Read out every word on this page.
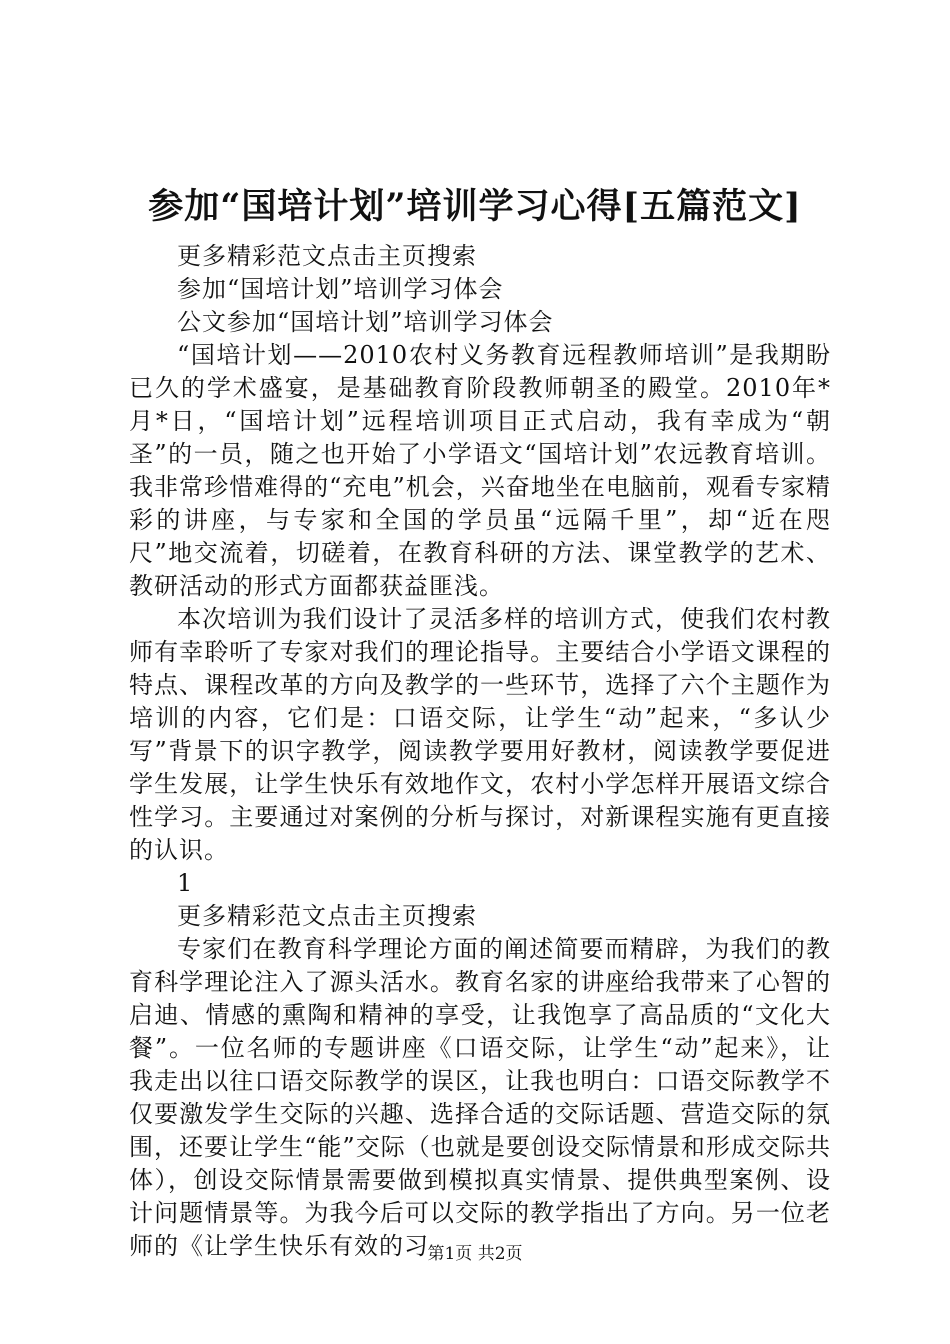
参加“国培计划”培训学习心得[五篇范文]

更多精彩范文点击主页搜索

参加“国培计划”培训学习体会

公文参加“国培计划”培训学习体会

“国培计划——2010农村义务教育远程教师培训”是我期盼已久的学术盛宴，是基础教育阶段教师朝圣的殿堂。2010年*月*日，“国培计划”远程培训项目正式启动，我有幸成为“朝圣”的一员，随之也开始了小学语文“国培计划”农远教育培训。我非常珍惜难得的“充电”机会，兴奋地坐在电脑前，观看专家精彩的讲座，与专家和全国的学员虽“远隔千里”，却“近在咫尺”地交流着，切磋着，在教育科研的方法、课堂教学的艺术、教研活动的形式方面都获益匪浅。

本次培训为我们设计了灵活多样的培训方式，使我们农村教师有幸聆听了专家对我们的理论指导。主要结合小学语文课程的特点、课程改革的方向及教学的一些环节，选择了六个主题作为培训的内容，它们是：口语交际，让学生“动”起来，“多认少写”背景下的识字教学，阅读教学要用好教材，阅读教学要促进学生发展，让学生快乐有效地作文，农村小学怎样开展语文综合性学习。主要通过对案例的分析与探讨，对新课程实施有更直接的认识。

1

更多精彩范文点击主页搜索

专家们在教育科学理论方面的阐述简要而精辟，为我们的教育科学理论注入了源头活水。教育名家的讲座给我带来了心智的启迪、情感的熏陶和精神的享受，让我饱享了高品质的“文化大餐”。一位名师的专题讲座《口语交际，让学生“动”起来》，让我走出以往口语交际教学的误区，让我也明白：口语交际教学不仅要激发学生交际的兴趣、选择合适的交际话题、营造交际的氛围，还要让学生“能”交际（也就是要创设交际情景和形成交际共体），创设交际情景需要做到模拟真实情景、提供典型案例、设计问题情景等。为我今后可以交际的教学指出了方向。另一位老师的《让学生快乐有效的习

第1页 共2页
